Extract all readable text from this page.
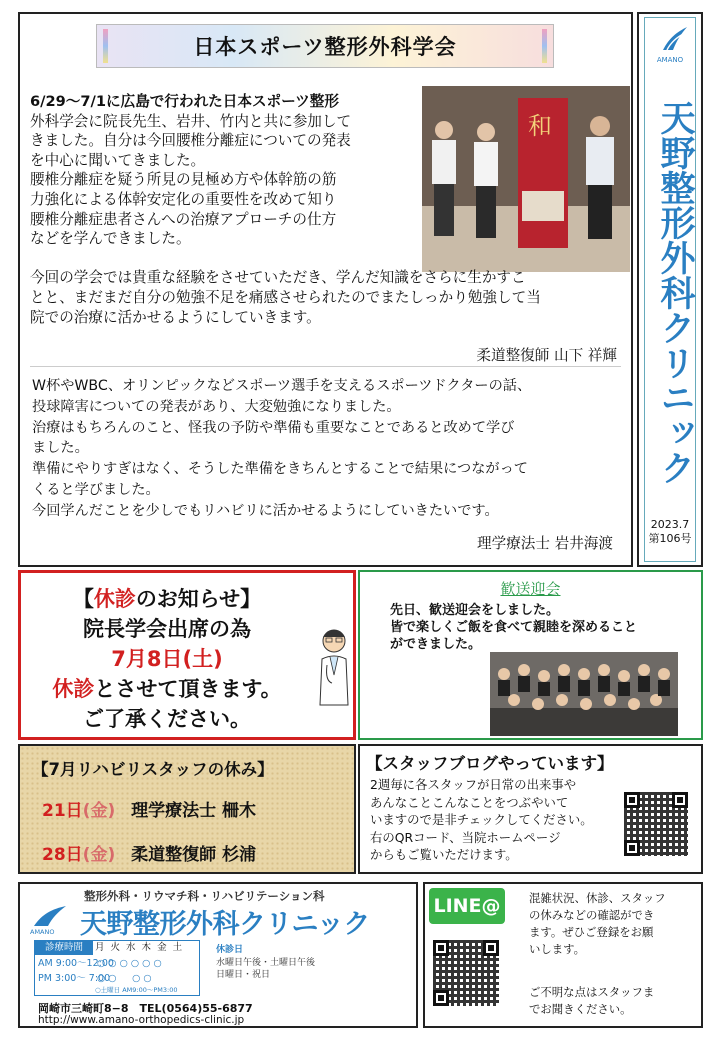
日本スポーツ整形外科学会

6/29〜7/1に広島で行われた日本スポーツ整形

外科学会に院長先生、岩井、竹内と共に参加して

きました。自分は今回腰椎分離症についての発表

を中心に聞いてきました。

腰椎分離症を疑う所見の見極め方や体幹筋の筋

力強化による体幹安定化の重要性を改めて知り

腰椎分離症患者さんへの治療アプローチの仕方

などを学んできました。

和

今回の学会では貴重な経験をさせていただき、学んだ知識をさらに生かすこ

とと、まだまだ自分の勉強不足を痛感させられたのでまたしっかり勉強して当

院での治療に活かせるようにしていきます。

柔道整復師 山下 祥輝

W杯やWBC、オリンピックなどスポーツ選手を支えるスポーツドクターの話、

投球障害についての発表があり、大変勉強になりました。

治療はもちろんのこと、怪我の予防や準備も重要なことであると改めて学び

ました。

準備にやりすぎはなく、そうした準備をきちんとすることで結果につながって

くると学びました。

今回学んだことを少しでもリハビリに活かせるようにしていきたいです。

理学療法士 岩井海渡
AMANO
天野整形外科クリニック
2023.7
第106号
【休診のお知らせ】
院長学会出席の為
7月8日(土)
休診とさせて頂きます。
ご了承ください。
歓送迎会
先日、歓送迎会をしました。
皆で楽しくご飯を食べて親睦を深めること
ができました。
【7月リハビリスタッフの休み】
21日(金) 理学療法士 柵木
28日(金) 柔道整復師 杉浦
【スタッフブログやっています】
2週毎に各スタッフが日常の出来事や
あんなことこんなことをつぶやいて
いますので是非チェックしてください。
右のQRコード、当院ホームページ
からもご覧いただけます。
整形外科・リウマチ科・リハビリテーション科
AMANO 天野整形外科クリニック
診療時間	月火水木金土
AM 9:00〜12:00
○○○○○○
PM 3:00〜 7:00
○○　○○
○土曜日 AM9:00〜PM3:00
休診日
水曜日午後・土曜日午後
日曜日・祝日
岡崎市三崎町8−8　TEL(0564)55-6877
http://www.amano-orthopedics-clinic.jp
LINE@	混雑状況、休診、スタッフ
の休みなどの確認ができ
ます。ぜひご登録をお願
いします。
ご不明な点はスタッフま
でお聞きください。
